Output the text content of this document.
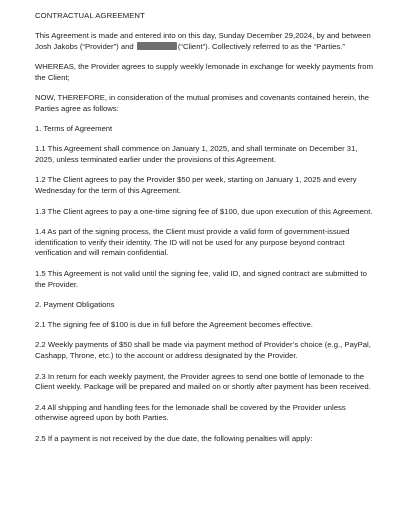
CONTRACTUAL AGREEMENT

This Agreement is made and entered into on this day, Sunday December 29,2024, by and between Josh Jakobs (“Provider”) and	(“Client”). Collectively referred to as the “Parties.”

WHEREAS, the Provider agrees to supply weekly lemonade in exchange for weekly payments from the Client;

NOW, THEREFORE, in consideration of the mutual promises and covenants contained herein, the Parties agree as follows:

1. Terms of Agreement

1.1 This Agreement shall commence on January 1, 2025, and shall terminate on December 31, 2025, unless terminated earlier under the provisions of this Agreement.

1.2 The Client agrees to pay the Provider $50 per week, starting on January 1, 2025 and every Wednesday for the term of this Agreement.

1.3 The Client agrees to pay a one-time signing fee of $100, due upon execution of this Agreement.

1.4 As part of the signing process, the Client must provide a valid form of government-issued identification to verify their identity. The ID will not be used for any purpose beyond contract verification and will remain confidential.

1.5 This Agreement is not valid until the signing fee, valid ID, and signed contract are submitted to the Provider.

2. Payment Obligations

2.1 The signing fee of $100 is due in full before the Agreement becomes effective.

2.2 Weekly payments of $50 shall be made via payment method of Provider’s choice (e.g., PayPal, Cashapp, Throne, etc.) to the account or address designated by the Provider.

2.3 In return for each weekly payment, the Provider agrees to send one bottle of lemonade to the Client weekly. Package will be prepared and mailed on or shortly after payment has been received.

2.4 All shipping and handling fees for the lemonade shall be covered by the Provider unless otherwise agreed upon by both Parties.

2.5 If a payment is not received by the due date, the following penalties will apply:
